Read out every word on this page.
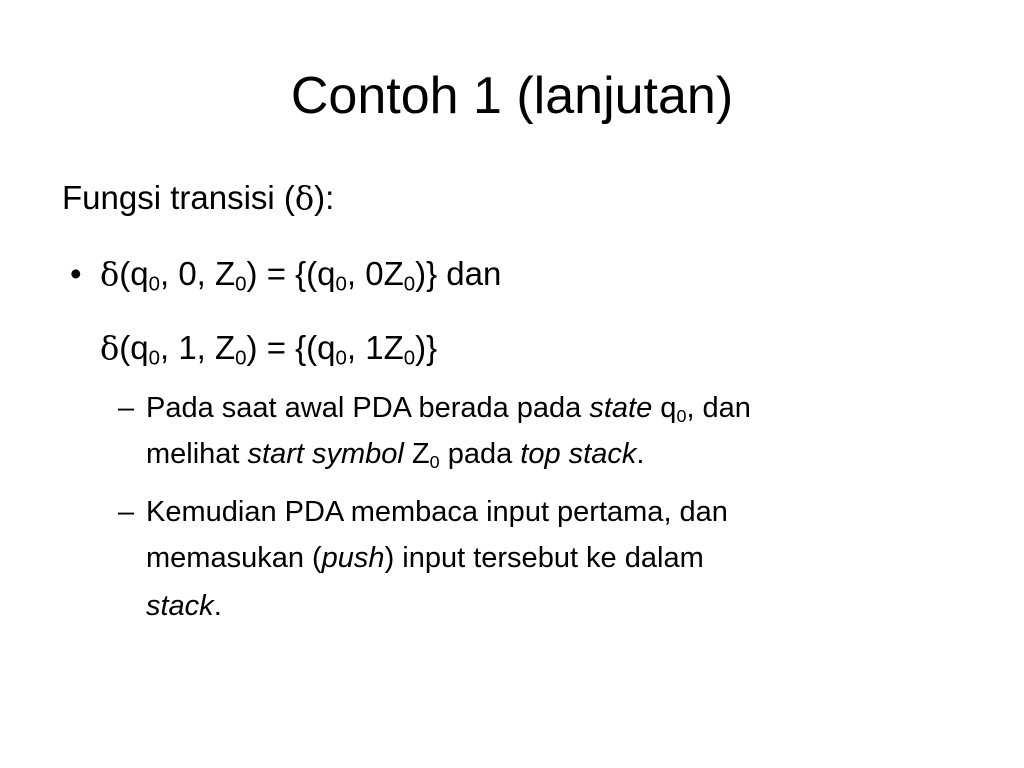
Contoh 1 (lanjutan)
Fungsi transisi (δ):
• $\delta(q_0$, 0, $Z_0) = \{(q_0$, $0Z_0$)} dan
$\delta(q_0$, 1, $Z_0) = \{(q_0$, $1Z_0$)}
– Pada saat awal PDA berada pada state $q_0$, dan
melihat start symbol $Z_0$ pada top stack.
– Kemudian PDA membaca input pertama, dan
memasukan (push) input tersebut ke dalam
stack.
